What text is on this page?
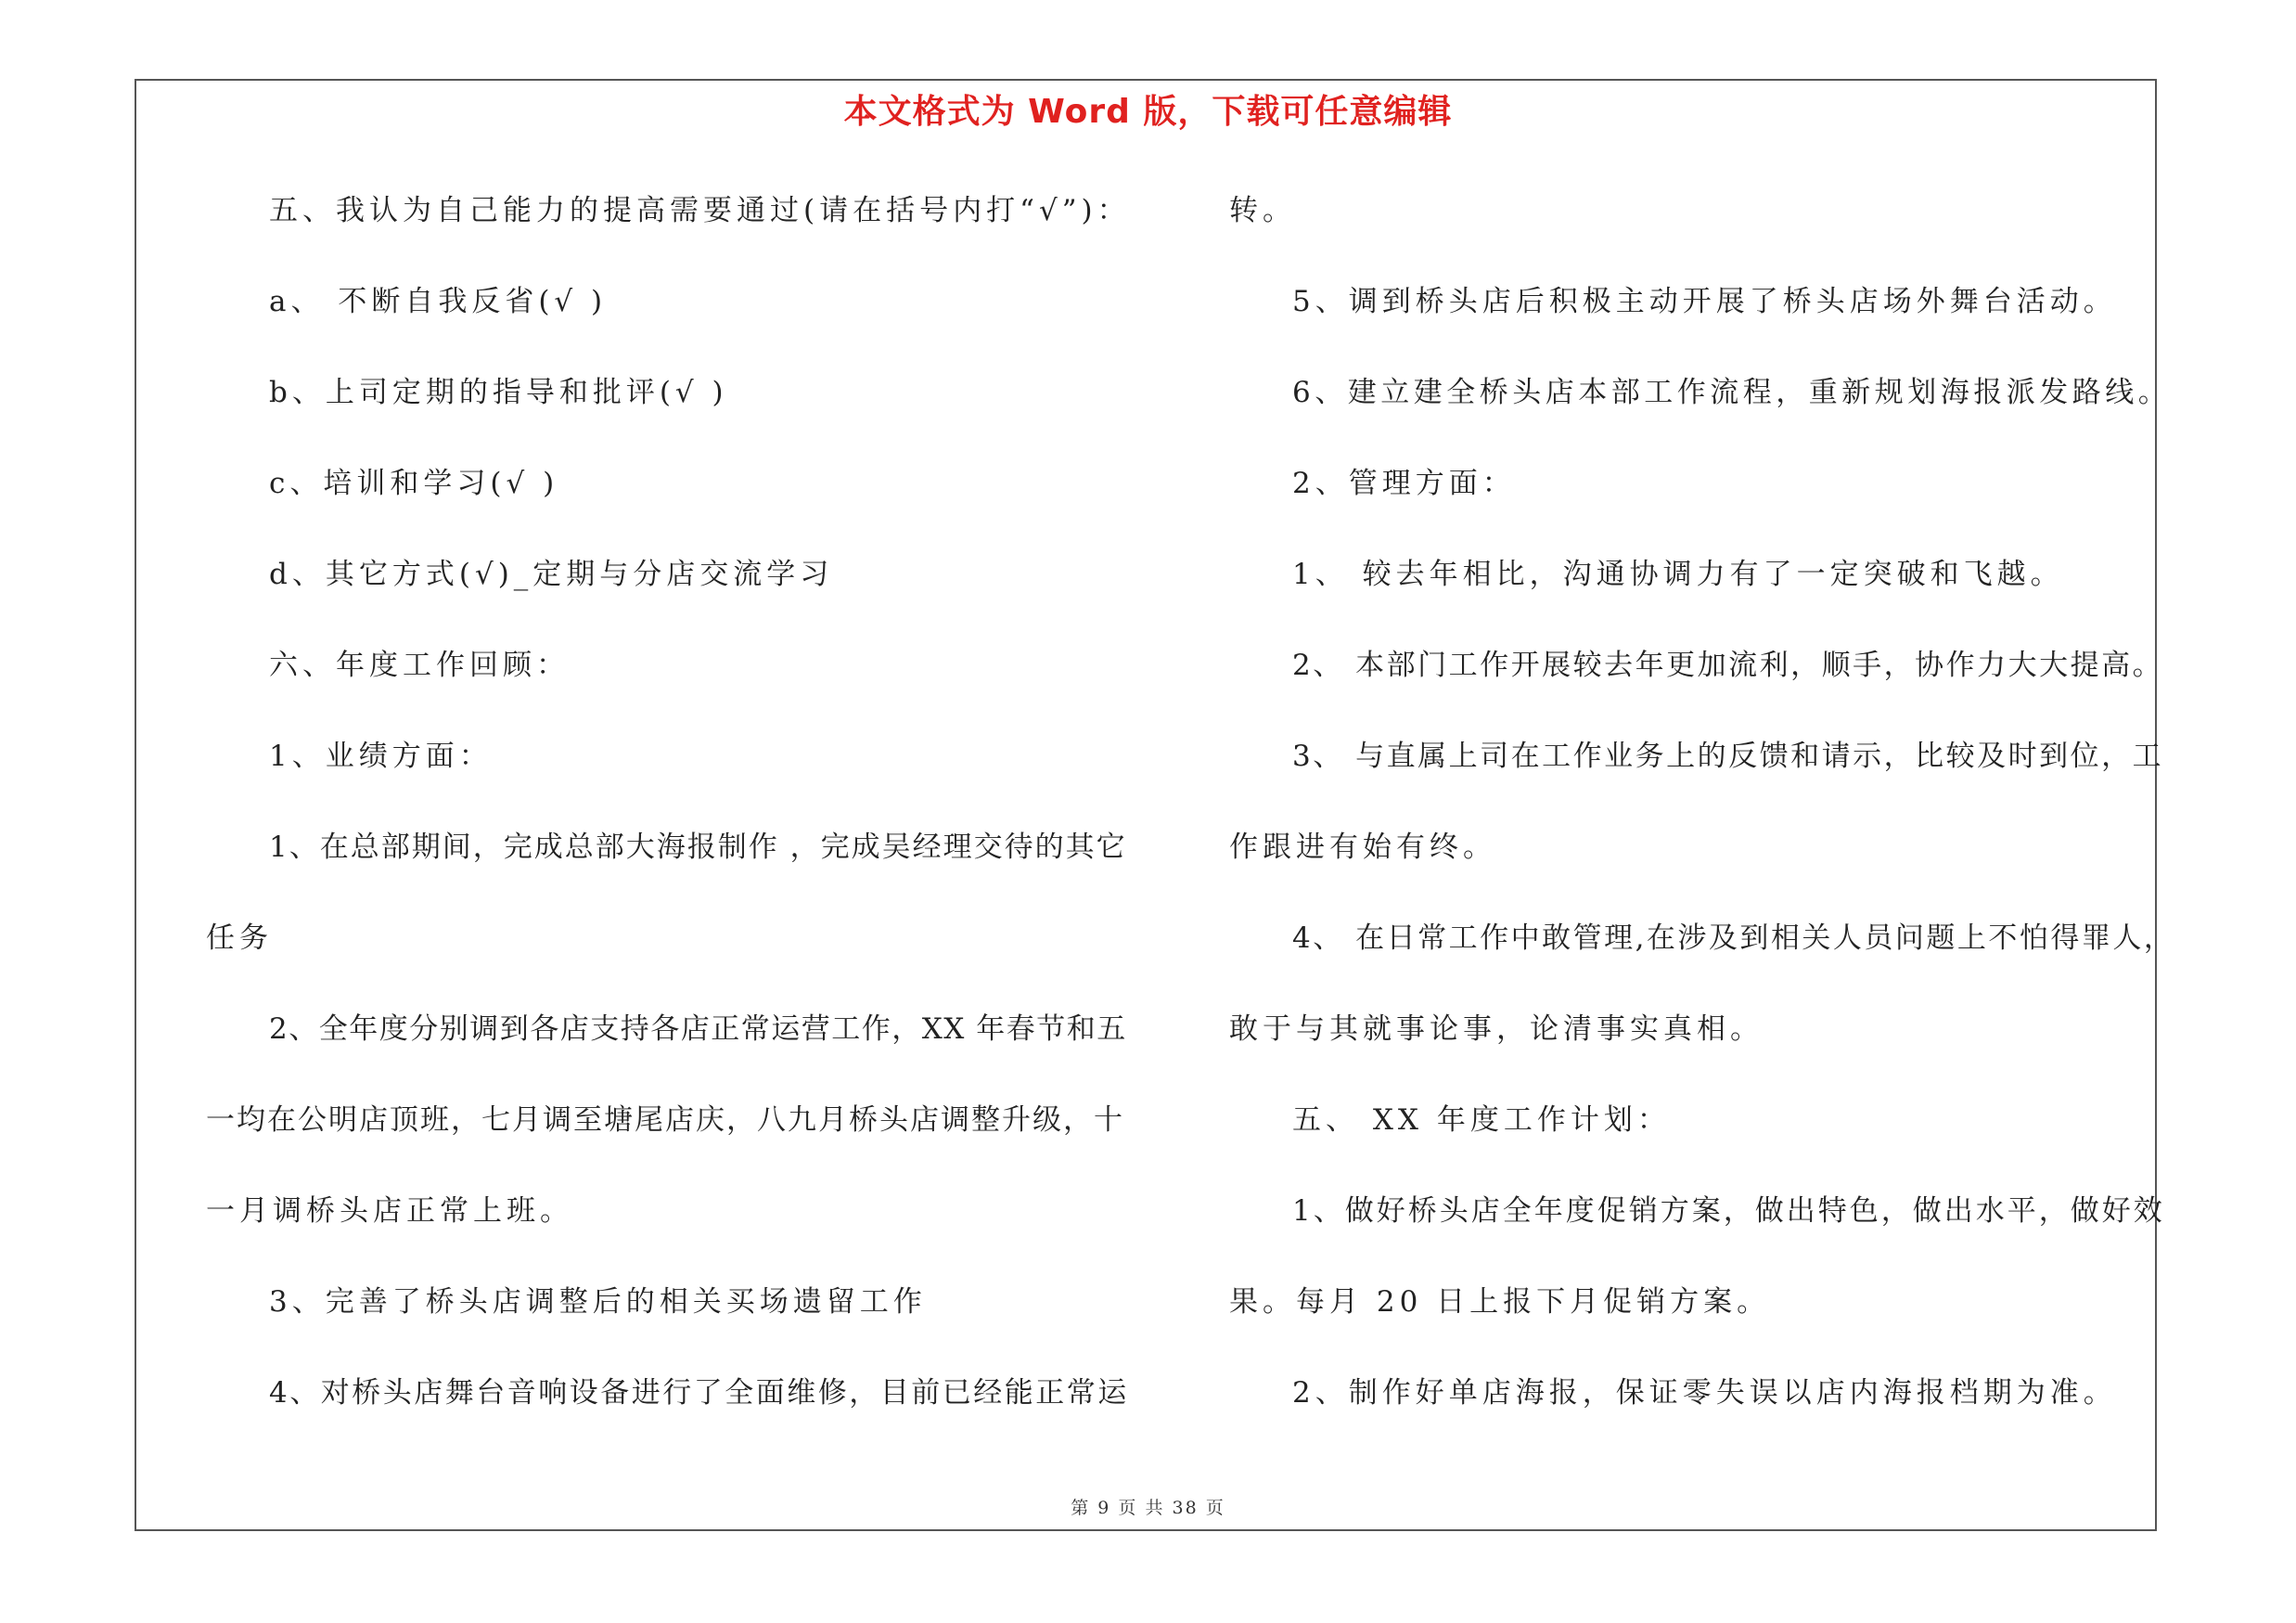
本文格式为 Word 版，下载可任意编辑
五、我认为自己能力的提高需要通过(请在括号内打“√”)：
a、 不断自我反省(√ )
b、上司定期的指导和批评(√ )
c、培训和学习(√ )
d、其它方式(√)_定期与分店交流学习
六、年度工作回顾：
1、业绩方面：
1、在总部期间，完成总部大海报制作 ，完成吴经理交待的其它
任务
2、全年度分别调到各店支持各店正常运营工作，XX 年春节和五
一均在公明店顶班，七月调至塘尾店庆，八九月桥头店调整升级，十
一月调桥头店正常上班。
3、完善了桥头店调整后的相关买场遗留工作
4、对桥头店舞台音响设备进行了全面维修，目前已经能正常运
转。
5、调到桥头店后积极主动开展了桥头店场外舞台活动。
6、建立建全桥头店本部工作流程，重新规划海报派发路线。
2、管理方面：
1、 较去年相比，沟通协调力有了一定突破和飞越。
2、 本部门工作开展较去年更加流利，顺手，协作力大大提高。
3、 与直属上司在工作业务上的反馈和请示，比较及时到位，工
作跟进有始有终。
4、 在日常工作中敢管理,在涉及到相关人员问题上不怕得罪人，
敢于与其就事论事，论清事实真相。
五、 XX 年度工作计划：
1、做好桥头店全年度促销方案，做出特色，做出水平，做好效
果。每月 20 日上报下月促销方案。
2、制作好单店海报，保证零失误以店内海报档期为准。
第 9 页 共 38 页
